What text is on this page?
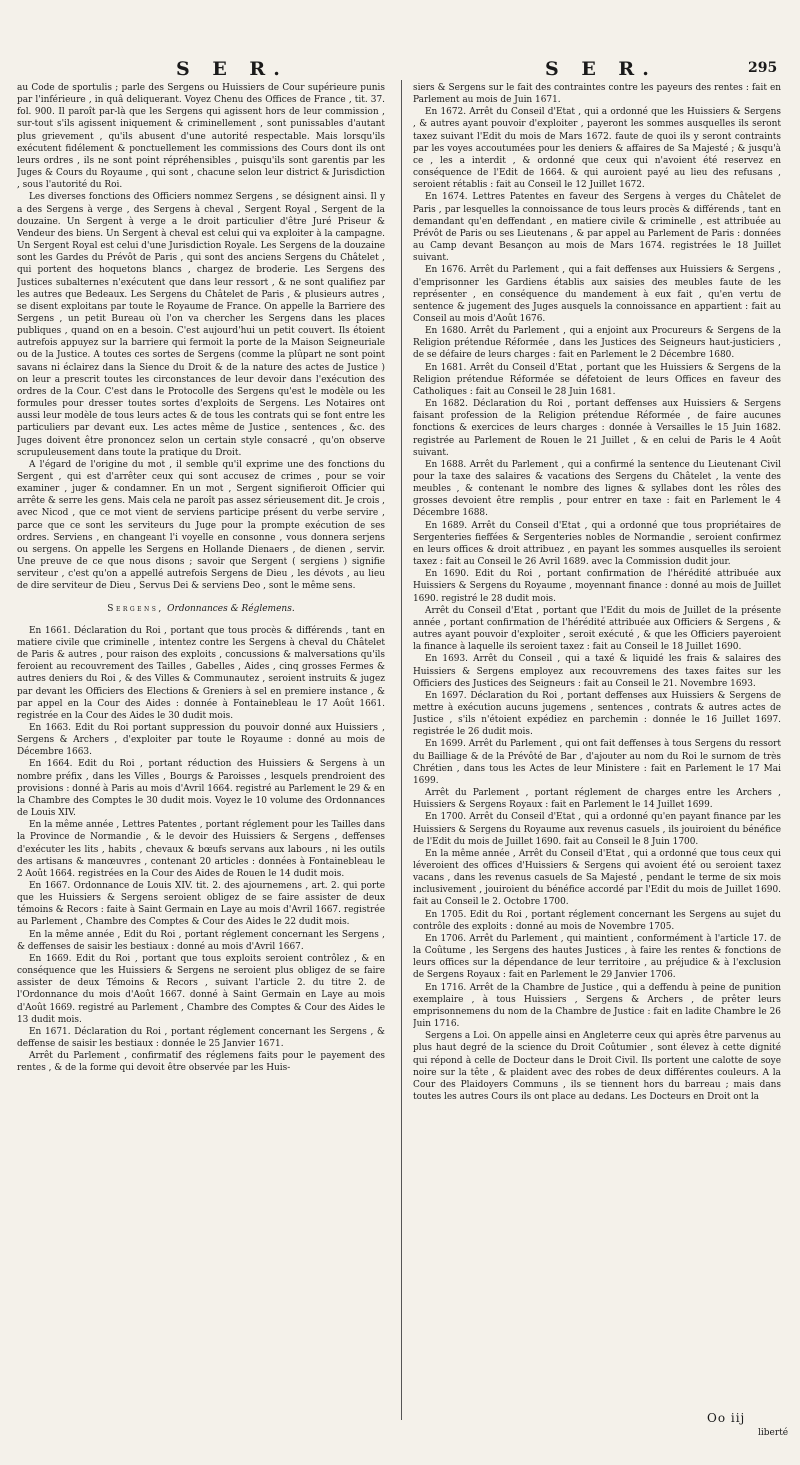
S E R.	S E R.	295

au Code de sportulis ; parle des Sergens ou Huissiers de Cour supérieure punis par l'inférieure , in quâ deliquerant. Voyez Chenu des Offices de France , tit. 37. fol. 900. Il paroît par-là que les Sergens qui agissent hors de leur commission , sur-tout s'ils agissent iniquement & criminellement , sont punissables d'autant plus grievement , qu'ils abusent d'une autorité respectable. Mais lorsqu'ils exécutent fidélement & ponctuellement les commissions des Cours dont ils ont leurs ordres , ils ne sont point répréhensibles , puisqu'ils sont garentis par les Juges & Cours du Royaume , qui sont , chacune selon leur district & Jurisdiction , sous l'autorité du Roi.

Les diverses fonctions des Officiers nommez Sergens , se désignent ainsi. Il y a des Sergens à verge , des Sergens à cheval , Sergent Royal , Sergent de la douzaine. Un Sergent à verge a le droit particulier d'être Juré Priseur & Vendeur des biens. Un Sergent à cheval est celui qui va exploiter à la campagne. Un Sergent Royal est celui d'une Jurisdiction Royale. Les Sergens de la douzaine sont les Gardes du Prévôt de Paris , qui sont des anciens Sergens du Châtelet , qui portent des hoquetons blancs , chargez de broderie. Les Sergens des Justices subalternes n'exécutent que dans leur ressort , & ne sont qualifiez par les autres que Bedeaux. Les Sergens du Châtelet de Paris , & plusieurs autres , se disent exploitans par toute le Royaume de France. On appelle la Barriere des Sergens , un petit Bureau où l'on va chercher les Sergens dans les places publiques , quand on en a besoin. C'est aujourd'hui un petit couvert. Ils étoient autrefois appuyez sur la barriere qui fermoit la porte de la Maison Seigneuriale ou de la Justice. A toutes ces sortes de Sergens (comme la plûpart ne sont point savans ni éclairez dans la Sience du Droit & de la nature des actes de Justice ) on leur a prescrit toutes les circonstances de leur devoir dans l'exécution des ordres de la Cour. C'est dans le Protocolle des Sergens qu'est le modèle ou les formules pour dresser toutes sortes d'exploits de Sergens. Les Notaires ont aussi leur modèle de tous leurs actes & de tous les contrats qui se font entre les particuliers par devant eux. Les actes même de Justice , sentences , &c. des Juges doivent être prononcez selon un certain style consacré , qu'on observe scrupuleusement dans toute la pratique du Droit.

A l'égard de l'origine du mot , il semble qu'il exprime une des fonctions du Sergent , qui est d'arrêter ceux qui sont accusez de crimes , pour se voir examiner , juger & condamner. En un mot , Sergent signifieroit Officier qui arrête & serre les gens. Mais cela ne paroît pas assez sérieusement dit. Je crois , avec Nicod , que ce mot vient de serviens participe présent du verbe servire , parce que ce sont les serviteurs du Juge pour la prompte exécution de ses ordres. Serviens , en changeant l'i voyelle en consonne , vous donnera serjens ou sergens. On appelle les Sergens en Hollande Dienaers , de dienen , servir. Une preuve de ce que nous disons ; savoir que Sergent ( sergiens ) signifie serviteur , c'est qu'on a appellé autrefois Sergens de Dieu , les dévots , au lieu de dire serviteur de Dieu , Servus Dei & serviens Deo , sont le même sens.

Sergens, Ordonnances & Réglemens.

En 1661. Déclaration du Roi , portant que tous procès & différends , tant en matiere civile que criminelle , intentez contre les Sergens à cheval du Châtelet de Paris & autres , pour raison des exploits , concussions & malversations qu'ils feroient au recouvrement des Tailles , Gabelles , Aides , cinq grosses Fermes & autres deniers du Roi , & des Villes & Communautez , seroient instruits & jugez par devant les Officiers des Elections & Greniers à sel en premiere instance , & par appel en la Cour des Aides : donnée à Fontainebleau le 17 Août 1661. registrée en la Cour des Aides le 30 dudit mois.

En 1663. Edit du Roi portant suppression du pouvoir donné aux Huissiers , Sergens & Archers , d'exploiter par toute le Royaume : donné au mois de Décembre 1663.

En 1664. Edit du Roi , portant réduction des Huissiers & Sergens à un nombre préfix , dans les Villes , Bourgs & Paroisses , lesquels prendroient des provisions : donné à Paris au mois d'Avril 1664. registré au Parlement le 29 & en la Chambre des Comptes le 30 dudit mois. Voyez le 10 volume des Ordonnances de Louis XIV.

En la même année , Lettres Patentes , portant réglement pour les Tailles dans la Province de Normandie , & le devoir des Huissiers & Sergens , deffenses d'exécuter les lits , habits , chevaux & bœufs servans aux labours , ni les outils des artisans & manœuvres , contenant 20 articles : données à Fontainebleau le 2 Août 1664. registrées en la Cour des Aides de Rouen le 14 dudit mois.

En 1667. Ordonnance de Louis XIV. tit. 2. des ajournemens , art. 2. qui porte que les Huissiers & Sergens seroient obligez de se faire assister de deux témoins & Recors : faite à Saint Germain en Laye au mois d'Avril 1667. registrée au Parlement , Chambre des Comptes & Cour des Aides le 22 dudit mois.

En la même année , Edit du Roi , portant réglement concernant les Sergens , & deffenses de saisir les bestiaux : donné au mois d'Avril 1667.

En 1669. Edit du Roi , portant que tous exploits seroient contrôlez , & en conséquence que les Huissiers & Sergens ne seroient plus obligez de se faire assister de deux Témoins & Recors , suivant l'article 2. du titre 2. de l'Ordonnance du mois d'Août 1667. donné à Saint Germain en Laye au mois d'Août 1669. registré au Parlement , Chambre des Comptes & Cour des Aides le 13 dudit mois.

En 1671. Déclaration du Roi , portant réglement concernant les Sergens , & deffense de saisir les bestiaux : donnée le 25 Janvier 1671.

Arrêt du Parlement , confirmatif des réglemens faits pour le payement des rentes , & de la forme qui devoit être observée par les Huis-

siers & Sergens sur le fait des contraintes contre les payeurs des rentes : fait en Parlement au mois de Juin 1671.

En 1672. Arrêt du Conseil d'Etat , qui a ordonné que les Huissiers & Sergens , & autres ayant pouvoir d'exploiter , payeront les sommes ausquelles ils seront taxez suivant l'Edit du mois de Mars 1672. faute de quoi ils y seront contraints par les voyes accoutumées pour les deniers & affaires de Sa Majesté ; & jusqu'à ce , les a interdit , & ordonné que ceux qui n'avoient été reservez en conséquence de l'Edit de 1664. & qui auroient payé au lieu des refusans , seroient rétablis : fait au Conseil le 12 Juillet 1672.

En 1674. Lettres Patentes en faveur des Sergens à verges du Châtelet de Paris , par lesquelles la connoissance de tous leurs procès & différends , tant en demandant qu'en deffendant , en matiere civile & criminelle , est attribuée au Prévôt de Paris ou ses Lieutenans , & par appel au Parlement de Paris : données au Camp devant Besançon au mois de Mars 1674. registrées le 18 Juillet suivant.

En 1676. Arrêt du Parlement , qui a fait deffenses aux Huissiers & Sergens , d'emprisonner les Gardiens établis aux saisies des meubles faute de les représenter , en conséquence du mandement à eux fait , qu'en vertu de sentence & jugement des Juges ausquels la connoissance en appartient : fait au Conseil au mois d'Août 1676.

En 1680. Arrêt du Parlement , qui a enjoint aux Procureurs & Sergens de la Religion prétendue Réformée , dans les Justices des Seigneurs haut-justiciers , de se défaire de leurs charges : fait en Parlement le 2 Décembre 1680.

En 1681. Arrêt du Conseil d'Etat , portant que les Huissiers & Sergens de la Religion prétendue Réformée se défetoient de leurs Offices en faveur des Catholiques : fait au Conseil le 28 Juin 1681.

En 1682. Déclaration du Roi , portant deffenses aux Huissiers & Sergens faisant profession de la Religion prétendue Réformée , de faire aucunes fonctions & exercices de leurs charges : donnée à Versailles le 15 Juin 1682. registrée au Parlement de Rouen le 21 Juillet , & en celui de Paris le 4 Août suivant.

En 1688. Arrêt du Parlement , qui a confirmé la sentence du Lieutenant Civil pour la taxe des salaires & vacations des Sergens du Châtelet , la vente des meubles , & contenant le nombre des lignes & syllabes dont les rôles des grosses devoient être remplis , pour entrer en taxe : fait en Parlement le 4 Décembre 1688.

En 1689. Arrêt du Conseil d'Etat , qui a ordonné que tous propriétaires de Sergenteries fieffées & Sergenteries nobles de Normandie , seroient confirmez en leurs offices & droit attribuez , en payant les sommes ausquelles ils seroient taxez : fait au Conseil le 26 Avril 1689. avec la Commission dudit jour.

En 1690. Edit du Roi , portant confirmation de l'hérédité attribuée aux Huissiers & Sergens du Royaume , moyennant finance : donné au mois de Juillet 1690. registré le 28 dudit mois.

Arrêt du Conseil d'Etat , portant que l'Edit du mois de Juillet de la présente année , portant confirmation de l'hérédité attribuée aux Officiers & Sergens , & autres ayant pouvoir d'exploiter , seroit exécuté , & que les Officiers payeroient la finance à laquelle ils seroient taxez : fait au Conseil le 18 Juillet 1690.

En 1693. Arrêt du Conseil , qui a taxé & liquidé les frais & salaires des Huissiers & Sergens employez aux recouvremens des taxes faites sur les Officiers des Justices des Seigneurs : fait au Conseil le 21. Novembre 1693.

En 1697. Déclaration du Roi , portant deffenses aux Huissiers & Sergens de mettre à exécution aucuns jugemens , sentences , contrats & autres actes de Justice , s'ils n'étoient expédiez en parchemin : donnée le 16 Juillet 1697. registrée le 26 dudit mois.

En 1699. Arrêt du Parlement , qui ont fait deffenses à tous Sergens du ressort du Bailliage & de la Prévôté de Bar , d'ajouter au nom du Roi le surnom de très Chrétien , dans tous les Actes de leur Ministere : fait en Parlement le 17 Mai 1699.

Arrêt du Parlement , portant réglement de charges entre les Archers , Huissiers & Sergens Royaux : fait en Parlement le 14 Juillet 1699.

En 1700. Arrêt du Conseil d'Etat , qui a ordonné qu'en payant finance par les Huissiers & Sergens du Royaume aux revenus casuels , ils jouiroient du bénéfice de l'Edit du mois de Juillet 1690. fait au Conseil le 8 Juin 1700.

En la même année , Arrêt du Conseil d'Etat , qui a ordonné que tous ceux qui léveroient des offices d'Huissiers & Sergens qui avoient été ou seroient taxez vacans , dans les revenus casuels de Sa Majesté , pendant le terme de six mois inclusivement , jouiroient du bénéfice accordé par l'Edit du mois de Juillet 1690. fait au Conseil le 2. Octobre 1700.

En 1705. Edit du Roi , portant réglement concernant les Sergens au sujet du contrôle des exploits : donné au mois de Novembre 1705.

En 1706. Arrêt du Parlement , qui maintient , conformément à l'article 17. de la Coûtume , les Sergens des hautes Justices , à faire les rentes & fonctions de leurs offices sur la dépendance de leur territoire , au préjudice & à l'exclusion de Sergens Royaux : fait en Parlement le 29 Janvier 1706.

En 1716. Arrêt de la Chambre de Justice , qui a deffendu à peine de punition exemplaire , à tous Huissiers , Sergens & Archers , de prêter leurs emprisonnemens du nom de la Chambre de Justice : fait en ladite Chambre le 26 Juin 1716.

Sergens a Loi. On appelle ainsi en Angleterre ceux qui après être parvenus au plus haut degré de la science du Droit Coûtumier , sont élevez à cette dignité qui répond à celle de Docteur dans le Droit Civil. Ils portent une calotte de soye noire sur la tête , & plaident avec des robes de deux différentes couleurs. A la Cour des Plaidoyers Communs , ils se tiennent hors du barreau ; mais dans toutes les autres Cours ils ont place au dedans. Les Docteurs en Droit ont la

Oo iij
liberté
